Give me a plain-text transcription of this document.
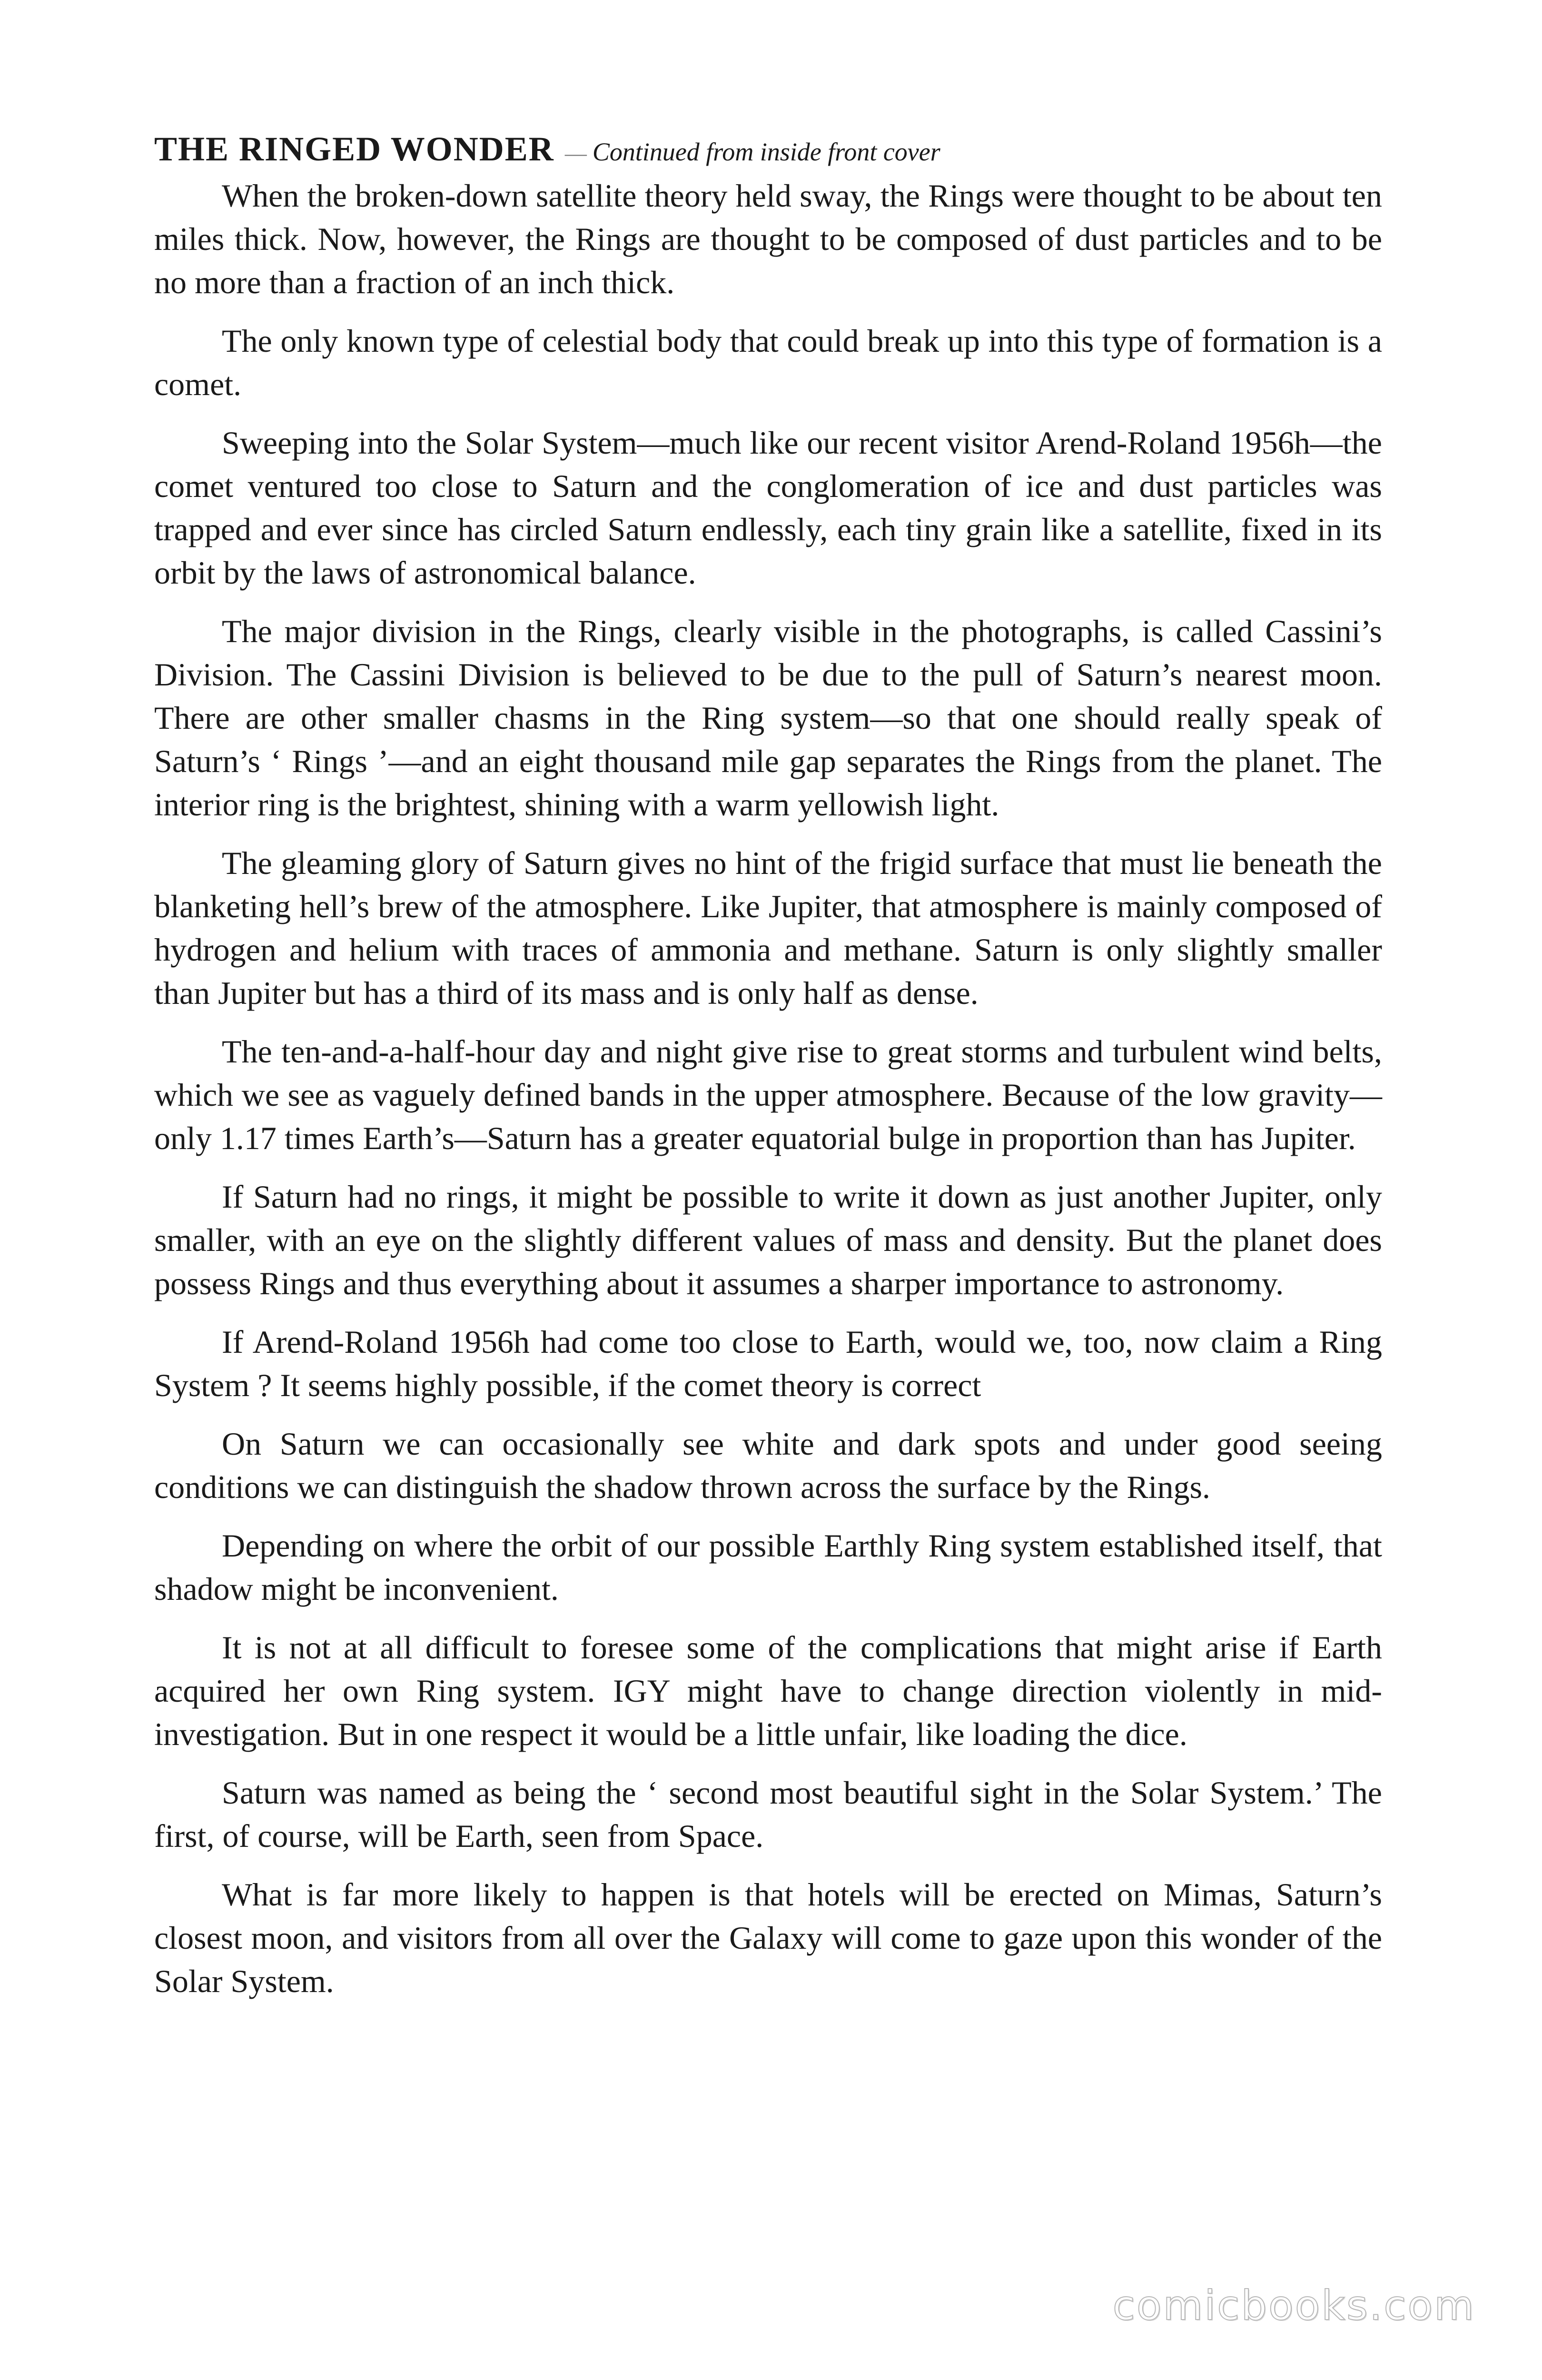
THE RINGED WONDER — Continued from inside front cover

When the broken-down satellite theory held sway, the Rings were thought to be about ten miles thick. Now, however, the Rings are thought to be composed of dust particles and to be no more than a fraction of an inch thick.

The only known type of celestial body that could break up into this type of formation is a comet.

Sweeping into the Solar System—much like our recent visitor Arend-Roland 1956h—the comet ventured too close to Saturn and the conglomeration of ice and dust particles was trapped and ever since has circled Saturn endlessly, each tiny grain like a satellite, fixed in its orbit by the laws of astronomical balance.

The major division in the Rings, clearly visible in the photographs, is called Cassini’s Division. The Cassini Division is believed to be due to the pull of Saturn’s nearest moon. There are other smaller chasms in the Ring system—so that one should really speak of Saturn’s ‘ Rings ’—and an eight thousand mile gap separates the Rings from the planet. The interior ring is the brightest, shining with a warm yellowish light.

The gleaming glory of Saturn gives no hint of the frigid surface that must lie beneath the blanketing hell’s brew of the atmosphere. Like Jupiter, that atmosphere is mainly composed of hydrogen and helium with traces of ammonia and methane. Saturn is only slightly smaller than Jupiter but has a third of its mass and is only half as dense.

The ten-and-a-half-hour day and night give rise to great storms and turbulent wind belts, which we see as vaguely defined bands in the upper atmosphere. Because of the low gravity—only 1.17 times Earth’s—Saturn has a greater equatorial bulge in proportion than has Jupiter.

If Saturn had no rings, it might be possible to write it down as just another Jupiter, only smaller, with an eye on the slightly different values of mass and density. But the planet does possess Rings and thus everything about it assumes a sharper importance to astronomy.

If Arend-Roland 1956h had come too close to Earth, would we, too, now claim a Ring System ? It seems highly possible, if the comet theory is correct

On Saturn we can occasionally see white and dark spots and under good seeing conditions we can distinguish the shadow thrown across the surface by the Rings.

Depending on where the orbit of our possible Earthly Ring system established itself, that shadow might be inconvenient.

It is not at all difficult to foresee some of the complications that might arise if Earth acquired her own Ring system. IGY might have to change direction violently in mid-investigation. But in one respect it would be a little unfair, like loading the dice.

Saturn was named as being the ‘ second most beautiful sight in the Solar System.’ The first, of course, will be Earth, seen from Space.

What is far more likely to happen is that hotels will be erected on Mimas, Saturn’s closest moon, and visitors from all over the Galaxy will come to gaze upon this wonder of the Solar System.

comicbooks.com
